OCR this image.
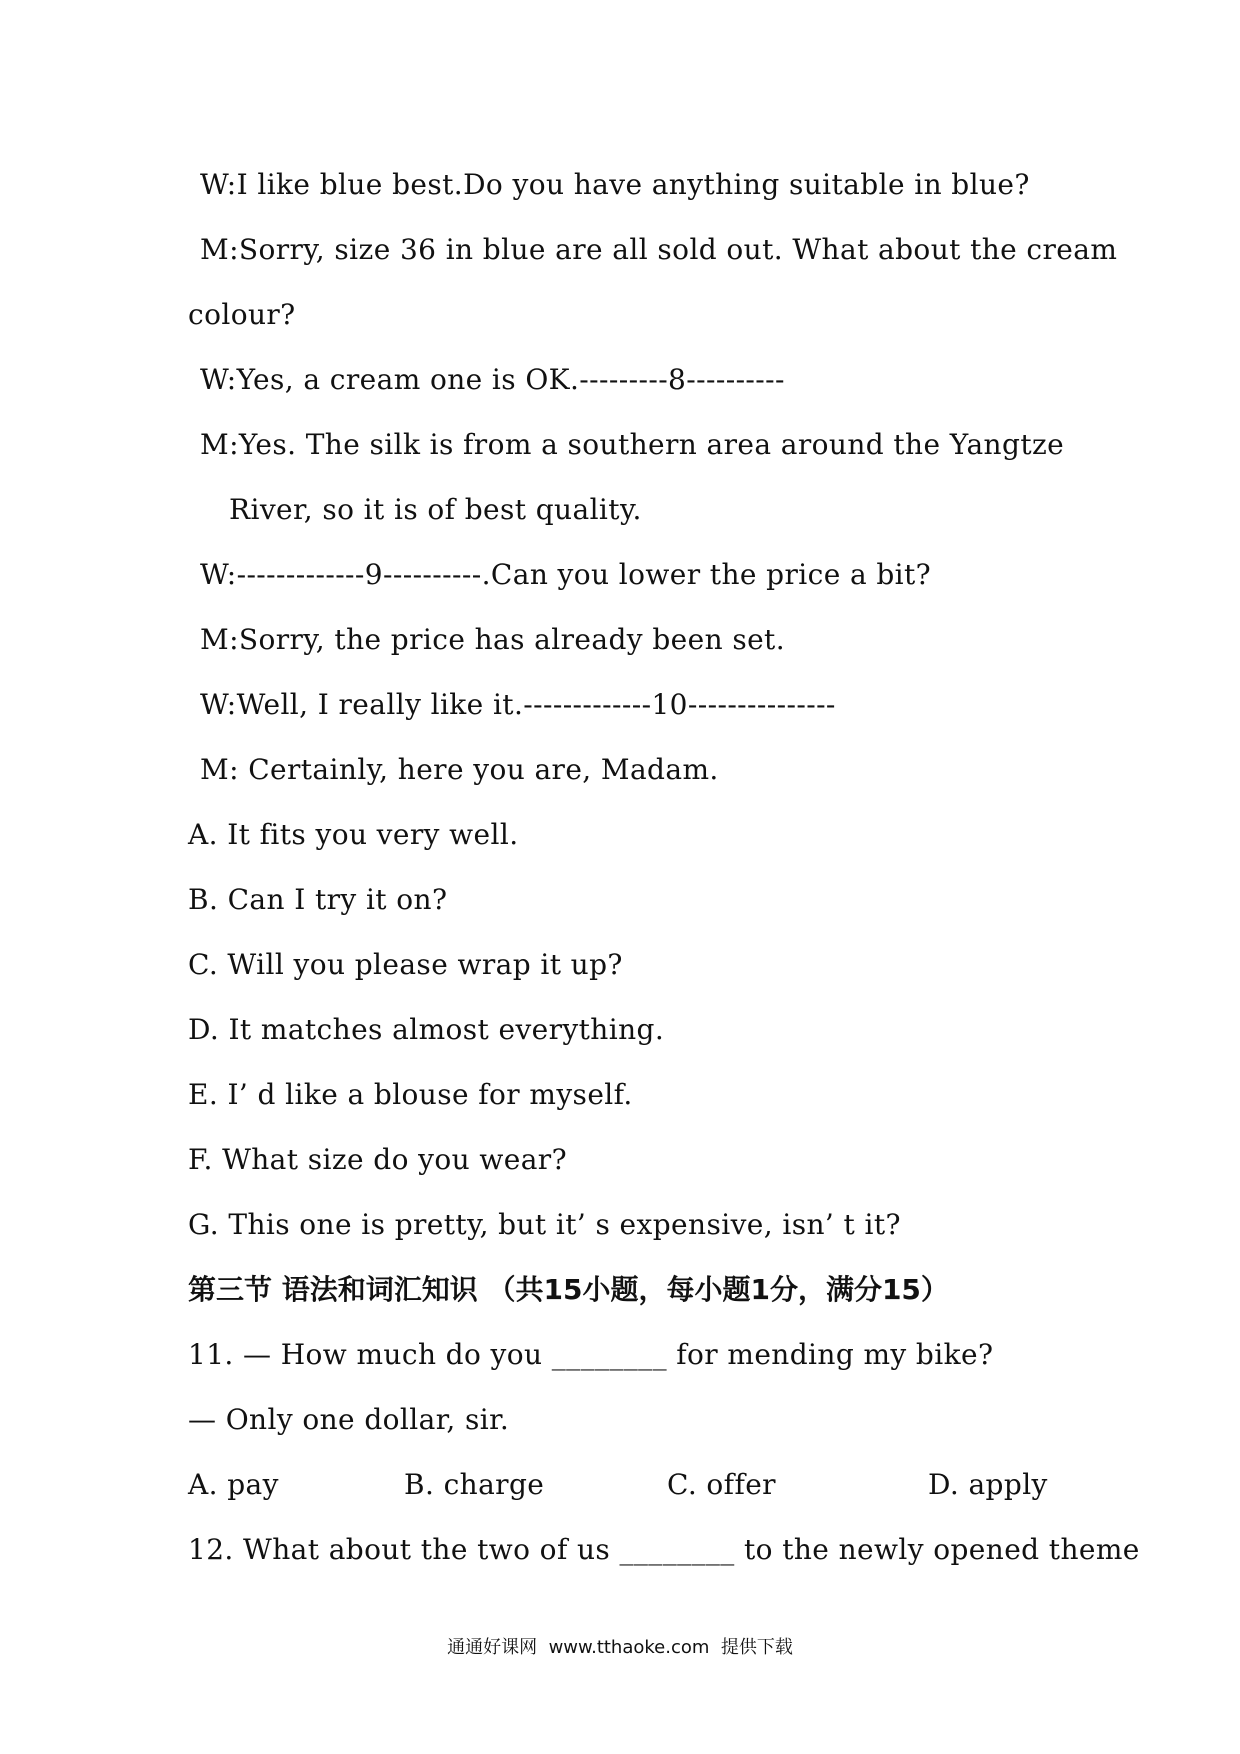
W:I like blue best.Do you have anything suitable in blue?
M:Sorry, size 36 in blue are all sold out. What about the cream
colour?
W:Yes, a cream one is OK.---------8----------
M:Yes. The silk is from a southern area around the Yangtze
River, so it is of best quality.
W:-------------9----------.Can you lower the price a bit?
M:Sorry, the price has already been set.
W:Well, I really like it.-------------10---------------
M: Certainly, here you are, Madam.
A. It fits you very well.
B. Can I try it on?
C. Will you please wrap it up?
D. It matches almost everything.
E. I’ d like a blouse for myself.
F. What size do you wear?
G. This one is pretty, but it’ s expensive, isn’ t it?
第三节 语法和词汇知识 （共15小题，每小题1分，满分15）
11. — How much do you ________ for mending my bike?
— Only one dollar, sir.
A. pay	B. charge	C. offer	D. apply
12. What about the two of us ________ to the newly opened theme
通通好课网  www.tthaoke.com  提供下载
